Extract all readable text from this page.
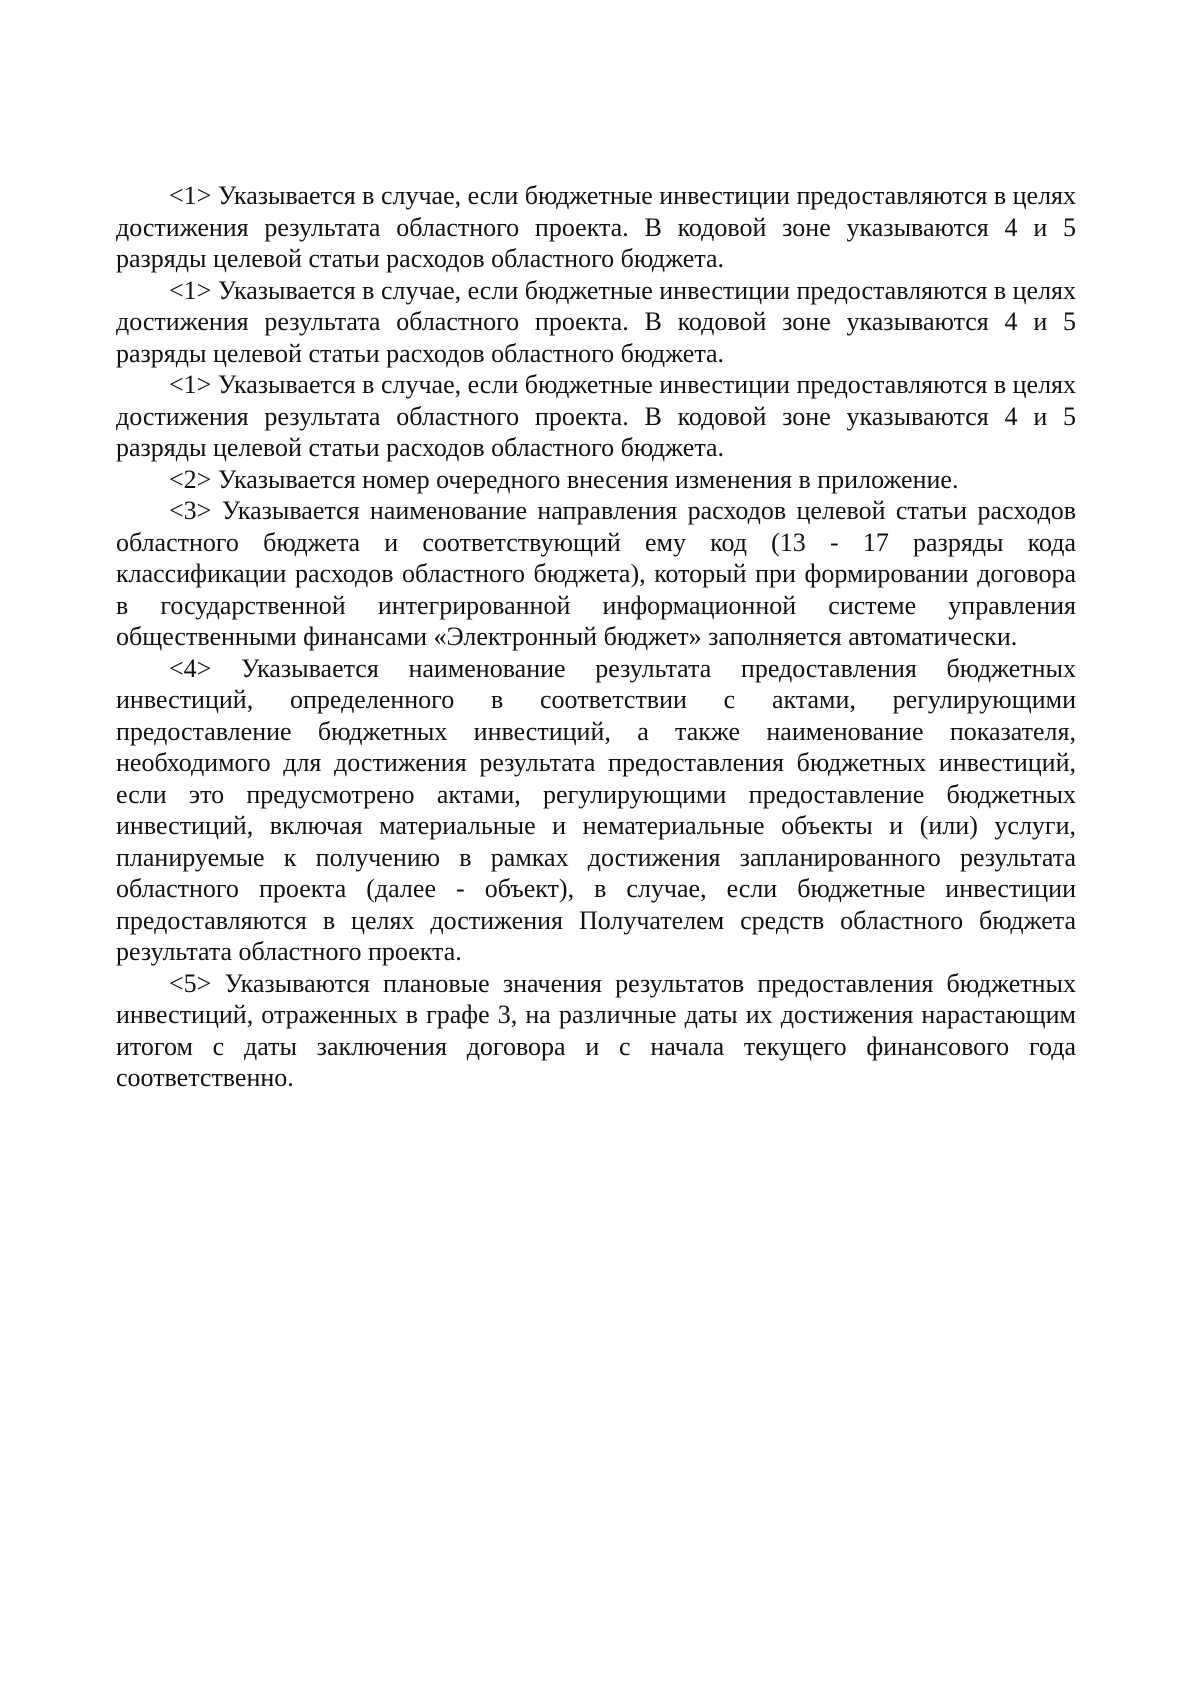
<1> Указывается в случае, если бюджетные инвестиции предоставляются в целях достижения результата областного проекта. В кодовой зоне указываются 4 и 5 разряды целевой статьи расходов областного бюджета.

<1> Указывается в случае, если бюджетные инвестиции предоставляются в целях достижения результата областного проекта. В кодовой зоне указываются 4 и 5 разряды целевой статьи расходов областного бюджета.

<1> Указывается в случае, если бюджетные инвестиции предоставляются в целях достижения результата областного проекта. В кодовой зоне указываются 4 и 5 разряды целевой статьи расходов областного бюджета.

<2> Указывается номер очередного внесения изменения в приложение.

<3> Указывается наименование направления расходов целевой статьи расходов областного бюджета и соответствующий ему код (13 - 17 разряды кода классификации расходов областного бюджета), который при формировании договора в государственной интегрированной информационной системе управления общественными финансами «Электронный бюджет» заполняется автоматически.

<4> Указывается наименование результата предоставления бюджетных инвестиций, определенного в соответствии с актами, регулирующими предоставление бюджетных инвестиций, а также наименование показателя, необходимого для достижения результата предоставления бюджетных инвестиций, если это предусмотрено актами, регулирующими предоставление бюджетных инвестиций, включая материальные и нематериальные объекты и (или) услуги, планируемые к получению в рамках достижения запланированного результата областного проекта (далее - объект), в случае, если бюджетные инвестиции предоставляются в целях достижения Получателем средств областного бюджета результата областного проекта.

<5> Указываются плановые значения результатов предоставления бюджетных инвестиций, отраженных в графе 3, на различные даты их достижения нарастающим итогом с даты заключения договора и с начала текущего финансового года соответственно.
